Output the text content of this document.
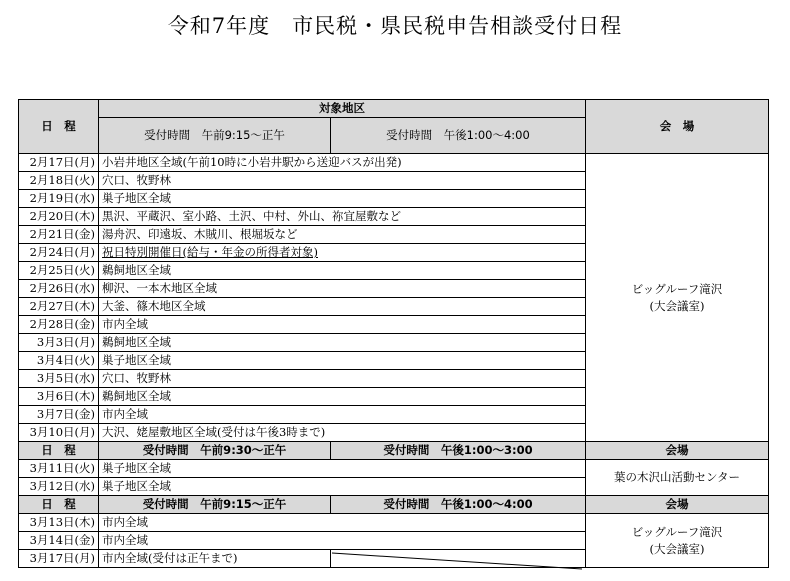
令和7年度　市民税・県民税申告相談受付日程
日　程	対象地区		会　場
	受付時間　午前9:15～正午	受付時間　午後1:00～4:00	
2月17日(月)	小岩井地区全域(午前10時に小岩井駅から送迎バスが出発)		ビッグルーフ滝沢
(大会議室)
2月18日(火)	穴口、牧野林		
2月19日(水)	巣子地区全域		
2月20日(木)	黒沢、平蔵沢、室小路、土沢、中村、外山、祢宜屋敷など		
2月21日(金)	湯舟沢、印遠坂、木賊川、根堀坂など		
2月24日(月)	祝日特別開催日(給与・年金の所得者対象)		
2月25日(火)	鵜飼地区全域		
2月26日(水)	柳沢、一本木地区全域		
2月27日(木)	大釜、篠木地区全域		
2月28日(金)	市内全域		
3月3日(月)	鵜飼地区全域		
3月4日(火)	巣子地区全域		
3月5日(水)	穴口、牧野林		
3月6日(木)	鵜飼地区全域		
3月7日(金)	市内全域		
3月10日(月)	大沢、姥屋敷地区全域(受付は午後3時まで)		
日　程	受付時間　午前9:30～正午	受付時間　午後1:00～3:00	会場
3月11日(火)	巣子地区全域		葉の木沢山活動センター
3月12日(水)	巣子地区全域		
日　程	受付時間　午前9:15～正午	受付時間　午後1:00～4:00	会場
3月13日(木)	市内全域		ビッグルーフ滝沢
(大会議室)
3月14日(金)	市内全域		
3月17日(月)	市内全域(受付は正午まで)		
